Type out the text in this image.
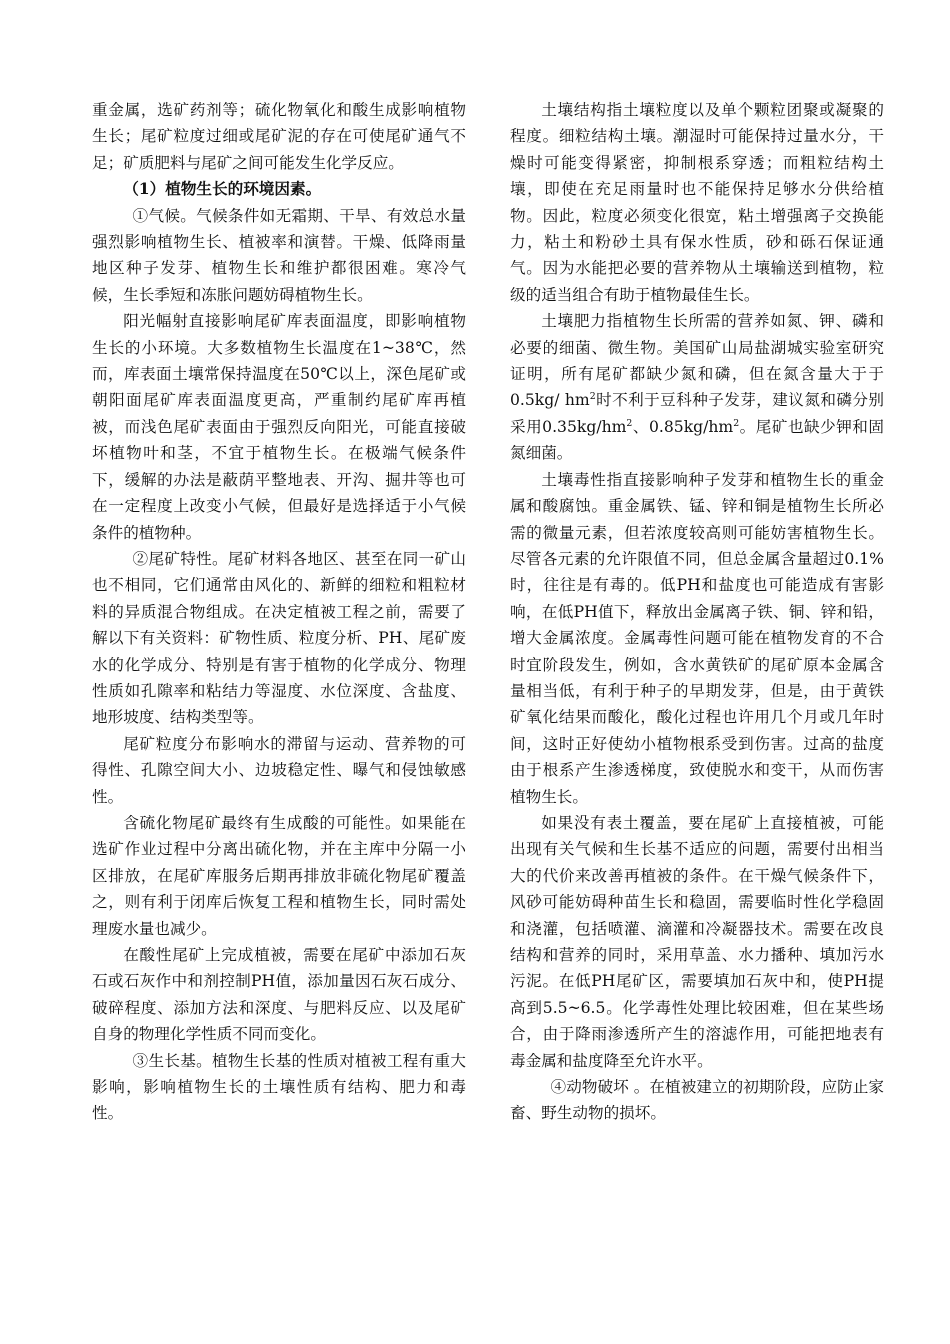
重金属，选矿药剂等；硫化物氧化和酸生成影响植物生长；尾矿粒度过细或尾矿泥的存在可使尾矿通气不足；矿质肥料与尾矿之间可能发生化学反应。

（1）植物生长的环境因素。

①气候。气候条件如无霜期、干旱、有效总水量强烈影响植物生长、植被率和演替。干燥、低降雨量地区种子发芽、植物生长和维护都很困难。寒冷气候，生长季短和冻胀问题妨碍植物生长。

阳光幅射直接影响尾矿库表面温度，即影响植物生长的小环境。大多数植物生长温度在1~38℃，然而，库表面土壤常保持温度在50℃以上，深色尾矿或朝阳面尾矿库表面温度更高，严重制约尾矿库再植被，而浅色尾矿表面由于强烈反向阳光，可能直接破坏植物叶和茎，不宜于植物生长。在极端气候条件下，缓解的办法是蔽荫平整地表、开沟、掘井等也可在一定程度上改变小气候，但最好是选择适于小气候条件的植物种。

②尾矿特性。尾矿材料各地区、甚至在同一矿山也不相同，它们通常由风化的、新鲜的细粒和粗粒材料的异质混合物组成。在决定植被工程之前，需要了解以下有关资料：矿物性质、粒度分析、PH、尾矿废水的化学成分、特别是有害于植物的化学成分、物理性质如孔隙率和粘结力等湿度、水位深度、含盐度、地形坡度、结构类型等。

尾矿粒度分布影响水的滞留与运动、营养物的可得性、孔隙空间大小、边坡稳定性、曝气和侵蚀敏感性。

含硫化物尾矿最终有生成酸的可能性。如果能在选矿作业过程中分离出硫化物，并在主库中分隔一小区排放，在尾矿库服务后期再排放非硫化物尾矿覆盖之，则有利于闭库后恢复工程和植物生长，同时需处理废水量也减少。

在酸性尾矿上完成植被，需要在尾矿中添加石灰石或石灰作中和剂控制PH值，添加量因石灰石成分、破碎程度、添加方法和深度、与肥料反应、以及尾矿自身的物理化学性质不同而变化。

③生长基。植物生长基的性质对植被工程有重大影响，影响植物生长的土壤性质有结构、肥力和毒性。

土壤结构指土壤粒度以及单个颗粒团聚或凝聚的程度。细粒结构土壤。潮湿时可能保持过量水分，干燥时可能变得紧密，抑制根系穿透；而粗粒结构土壤，即使在充足雨量时也不能保持足够水分供给植物。因此，粒度必须变化很宽，粘土增强离子交换能力，粘土和粉砂土具有保水性质，砂和砾石保证通气。因为水能把必要的营养物从土壤输送到植物，粒级的适当组合有助于植物最佳生长。

土壤肥力指植物生长所需的营养如氮、钾、磷和必要的细菌、微生物。美国矿山局盐湖城实验室研究证明，所有尾矿都缺少氮和磷，但在氮含量大于于0.5kg/ $hm^2$时不利于豆科种子发芽，建议氮和磷分别采用$0.35kg/hm^2$、$0.85kg/hm^2$。尾矿也缺少钾和固氮细菌。

土壤毒性指直接影响种子发芽和植物生长的重金属和酸腐蚀。重金属铁、锰、锌和铜是植物生长所必需的微量元素，但若浓度较高则可能妨害植物生长。尽管各元素的允许限值不同，但总金属含量超过0.1%时，往往是有毒的。低PH和盐度也可能造成有害影响，在低PH值下，释放出金属离子铁、铜、锌和铅，增大金属浓度。金属毒性问题可能在植物发育的不合时宜阶段发生，例如，含水黄铁矿的尾矿原本金属含量相当低，有利于种子的早期发芽，但是，由于黄铁矿氧化结果而酸化，酸化过程也许用几个月或几年时间，这时正好使幼小植物根系受到伤害。过高的盐度由于根系产生渗透梯度，致使脱水和变干，从而伤害植物生长。

如果没有表土覆盖，要在尾矿上直接植被，可能出现有关气候和生长基不适应的问题，需要付出相当大的代价来改善再植被的条件。在干燥气候条件下，风砂可能妨碍种苗生长和稳固，需要临时性化学稳固和浇灌，包括喷灌、滴灌和冷凝器技术。需要在改良结构和营养的同时，采用草盖、水力播种、填加污水污泥。在低PH尾矿区，需要填加石灰中和，使PH提高到5.5~6.5。化学毒性处理比较困难，但在某些场合，由于降雨渗透所产生的溶滤作用，可能把地表有毒金属和盐度降至允许水平。

④动物破坏 。在植被建立的初期阶段，应防止家畜、野生动物的损坏。
